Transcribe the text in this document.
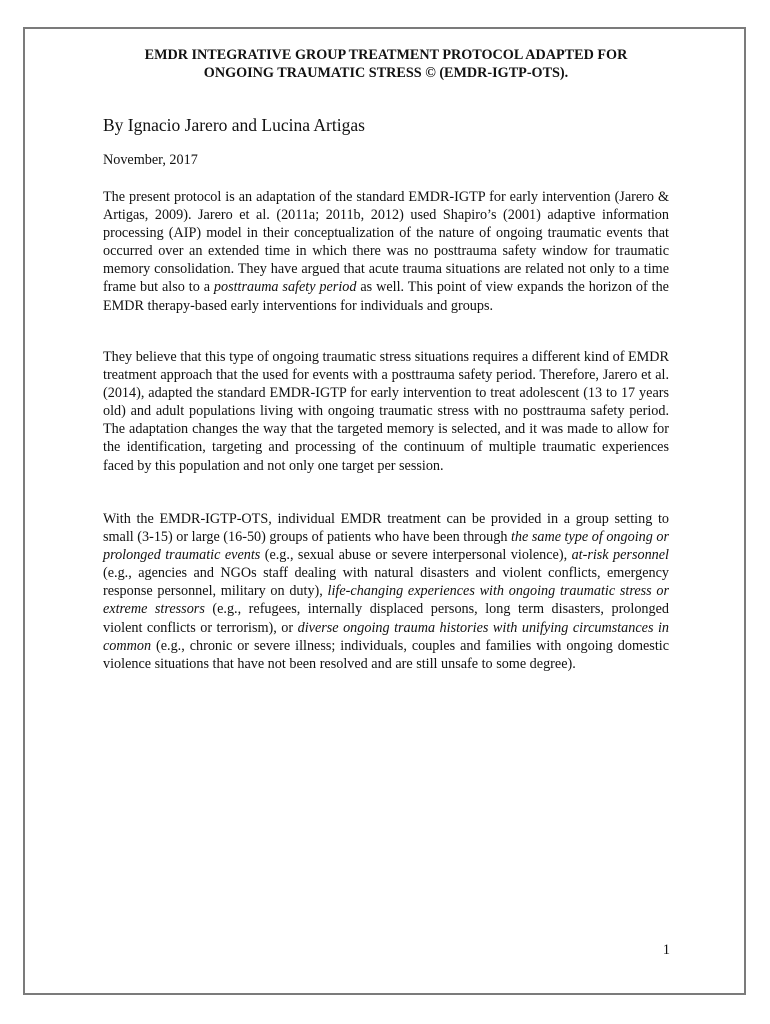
EMDR INTEGRATIVE GROUP TREATMENT PROTOCOL ADAPTED FOR
ONGOING TRAUMATIC STRESS © (EMDR-IGTP-OTS).
By Ignacio Jarero and Lucina Artigas
November, 2017

The present protocol is an adaptation of the standard EMDR-IGTP for early intervention (Jarero & Artigas, 2009). Jarero et al. (2011a; 2011b, 2012) used Shapiro’s (2001) adaptive information processing (AIP) model in their conceptualization of the nature of ongoing traumatic events that occurred over an extended time in which there was no posttrauma safety window for traumatic memory consolidation. They have argued that acute trauma situations are related not only to a time frame but also to a posttrauma safety period as well. This point of view expands the horizon of the EMDR therapy-based early interventions for individuals and groups.

They believe that this type of ongoing traumatic stress situations requires a different kind of EMDR treatment approach that the used for events with a posttrauma safety period. Therefore, Jarero et al. (2014), adapted the standard EMDR-IGTP for early intervention to treat adolescent (13 to 17 years old) and adult populations living with ongoing traumatic stress with no posttrauma safety period. The adaptation changes the way that the targeted memory is selected, and it was made to allow for the identification, targeting and processing of the continuum of multiple traumatic experiences faced by this population and not only one target per session.

With the EMDR-IGTP-OTS, individual EMDR treatment can be provided in a group setting to small (3-15) or large (16-50) groups of patients who have been through the same type of ongoing or prolonged traumatic events (e.g., sexual abuse or severe interpersonal violence), at-risk personnel (e.g., agencies and NGOs staff dealing with natural disasters and violent conflicts, emergency response personnel, military on duty), life-changing experiences with ongoing traumatic stress or extreme stressors (e.g., refugees, internally displaced persons, long term disasters, prolonged violent conflicts or terrorism), or diverse ongoing trauma histories with unifying circumstances in common (e.g., chronic or severe illness; individuals, couples and families with ongoing domestic violence situations that have not been resolved and are still unsafe to some degree).

1
